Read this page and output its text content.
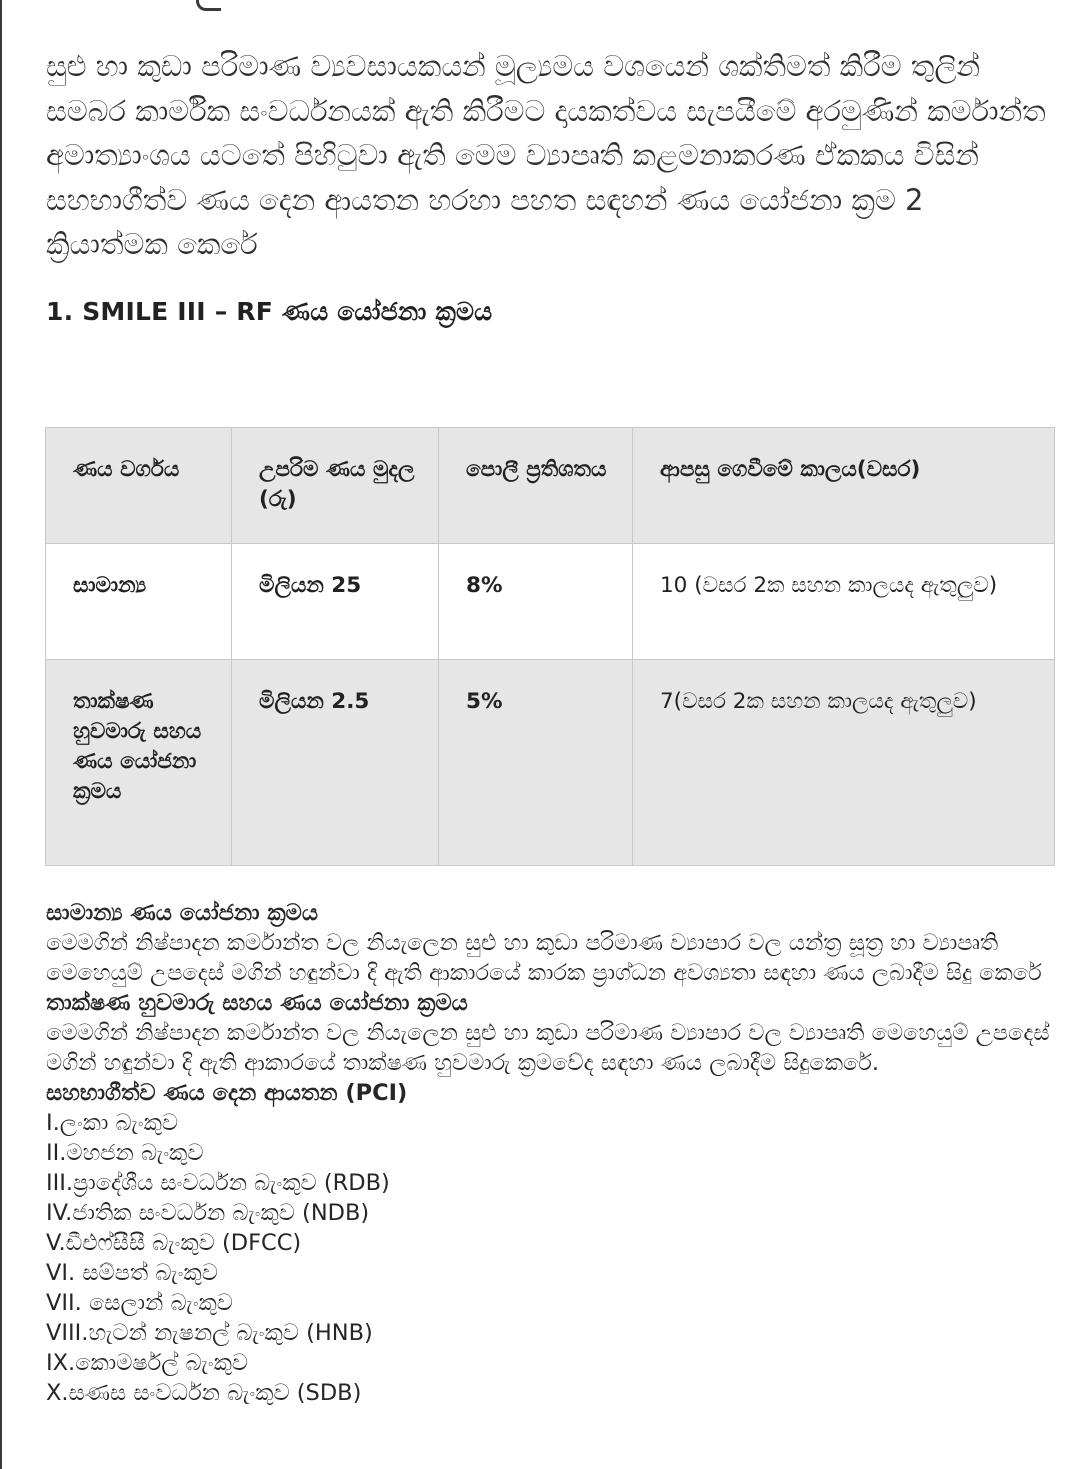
සුළු හා කුඩා පරිමාණ ව්‍යවසායකයන් මූල්‍යමය වශයෙන් ශක්තිමත් කිරීම තුලින් සමබර කාර්මික සංවර්ධනයක් ඇති කිරීමට දායකත්වය සැපයීමේ අරමුණින් කර්මාන්ත අමාත්‍යාංශය යටතේ පිහිටුවා ඇති මෙම ව්‍යාපෘති කළමනාකරණ ඒකකය විසින් සහභාගීත්ව ණය දෙන ආයතන හරහා පහත සඳහන් ණය යෝජනා ක්‍රම 2 ක්‍රියාත්මක කෙරේ

1. SMILE III – RF ණය යෝජනා ක්‍රමය
ණය වර්ගය	උපරිම ණය මුදල (රු)	පොලී ප්‍රතිශතය	ආපසු ගෙවීමේ කාලය(වසර)
සාමාන්‍ය	මිලියන 25	8%	10 (වසර 2ක සහන කාලයද ඇතුලුව)
තාක්ෂණ හුවමාරු සහය ණය යෝජනා ක්‍රමය	මිලියන 2.5	5%	7(වසර 2ක සහන කාලයද ඇතුලුව)

සාමාන්‍ය ණය යෝජනා ක්‍රමය

මෙමගින් නිෂ්පාදන කර්මාන්ත වල නියැලෙන සුළු හා කුඩා පරිමාණ ව්‍යාපාර වල යන්ත්‍ර සූත්‍ර හා ව්‍යාපෘති මෙහෙයුම් උපදෙස් මගින් හඳුන්වා දි ඇති ආකාරයේ කාරක ප්‍රාග්ධන අවශ්‍යතා සඳහා ණය ලබාදීම සිදු කෙරේ

තාක්ෂණ හුවමාරු සහය ණය යෝජනා ක්‍රමය

මෙමගින් නිෂ්පාදන කර්මාන්ත වල නියැලෙන සුළු හා කුඩා පරිමාණ ව්‍යාපාර වල ව්‍යාපෘති මෙහෙයුම් උපදෙස් මගින් හඳුන්වා දි ඇති ආකාරයේ තාක්ෂණ හුවමාරු ක්‍රමවේද සඳහා ණය ලබාදීම සිදුකෙරේ.

සහභාගීත්ව ණය දෙන ආයතන (PCI)

I.ලංකා බැංකුව
II.මහජන බැංකුව
III.ප්‍රාදේශීය සංවර්ධන බැංකුව (RDB)
IV.ජාතික සංවර්ධන බැංකුව (NDB)
V.ඩීඑෆ්සීසී බැංකුව (DFCC)
VI. සම්පත් බැංකුව
VII. සෙලාන් බැංකුව
VIII.හැටන් නැෂනල් බැංකුව (HNB)
IX.කොමර්ෂල් බැංකුව
X.සණස සංවර්ධන බැංකුව (SDB)
